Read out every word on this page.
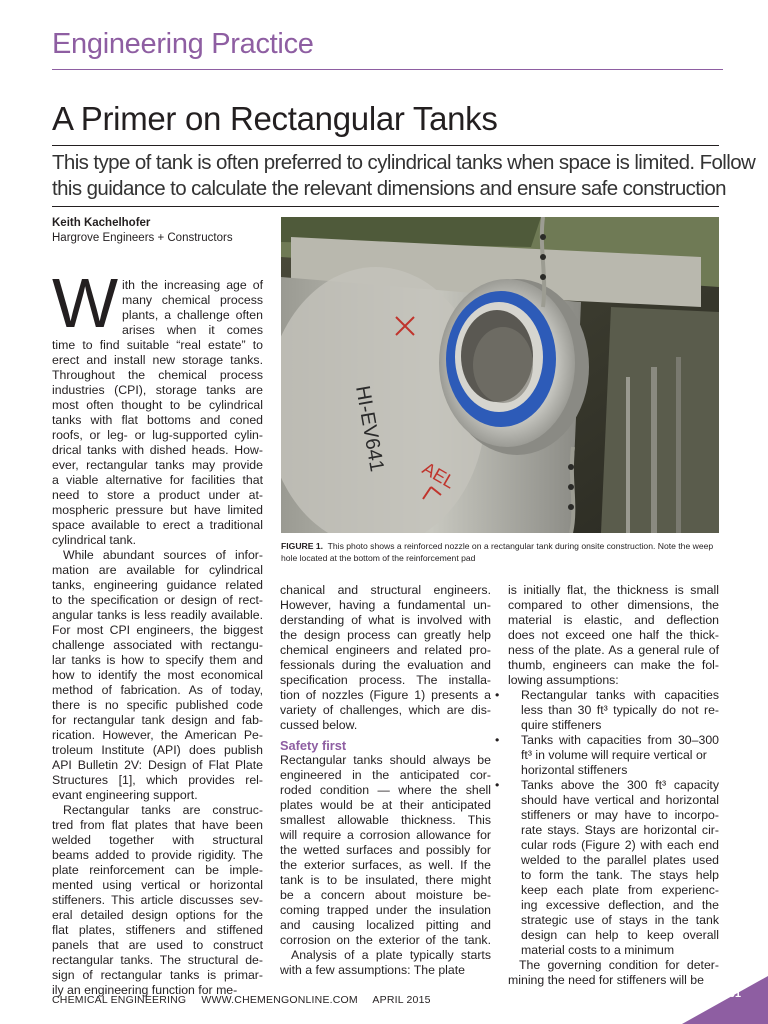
Engineering Practice
A Primer on Rectangular Tanks
This type of tank is often preferred to cylindrical tanks when space is limited. Follow
this guidance to calculate the relevant dimensions and ensure safe construction
Keith Kachelhofer
Hargrove Engineers + Constructors
HI-EV641
AEL
FIGURE 1. This photo shows a reinforced nozzle on a rectangular tank during onsite construction. Note the weep hole located at the bottom of the reinforcement pad
W ith the increasing age of
many chemical process
plants, a challenge often
arises when it comes
time to find suitable “real estate” to
erect and install new storage tanks.
Throughout the chemical process
industries (CPI), storage tanks are
most often thought to be cylindrical
tanks with flat bottoms and coned
roofs, or leg- or lug-supported cylin-
drical tanks with dished heads. How-
ever, rectangular tanks may provide
a viable alternative for facilities that
need to store a product under at-
mospheric pressure but have limited
space available to erect a traditional
cylindrical tank.
While abundant sources of infor-
mation are available for cylindrical
tanks, engineering guidance related
to the specification or design of rect-
angular tanks is less readily available.
For most CPI engineers, the biggest
challenge associated with rectangu-
lar tanks is how to specify them and
how to identify the most economical
method of fabrication. As of today,
there is no specific published code
for rectangular tank design and fab-
rication. However, the American Pe-
troleum Institute (API) does publish
API Bulletin 2V: Design of Flat Plate
Structures [1], which provides rel-
evant engineering support.
Rectangular tanks are construc-
tred from flat plates that have been
welded together with structural
beams added to provide rigidity. The
plate reinforcement can be imple-
mented using vertical or horizontal
stiffeners. This article discusses sev-
eral detailed design options for the
flat plates, stiffeners and stiffened
panels that are used to construct
rectangular tanks. The structural de-
sign of rectangular tanks is primar-
ily an engineering function for me-
chanical and structural engineers.
However, having a fundamental un-
derstanding of what is involved with
the design process can greatly help
chemical engineers and related pro-
fessionals during the evaluation and
specification process. The installa-
tion of nozzles (Figure 1) presents a
variety of challenges, which are dis-
cussed below.
Safety first
Rectangular tanks should always be
engineered in the anticipated cor-
roded condition — where the shell
plates would be at their anticipated
smallest allowable thickness. This
will require a corrosion allowance for
the wetted surfaces and possibly for
the exterior surfaces, as well. If the
tank is to be insulated, there might
be a concern about moisture be-
coming trapped under the insulation
and causing localized pitting and
corrosion on the exterior of the tank.
Analysis of a plate typically starts
with a few assumptions: The plate
is initially flat, the thickness is small
compared to other dimensions, the
material is elastic, and deflection
does not exceed one half the thick-
ness of the plate. As a general rule of
thumb, engineers can make the fol-
lowing assumptions:
• Rectangular tanks with capacities
less than 30 ft³ typically do not re-
quire stiffeners
• Tanks with capacities from 30–300
ft³ in volume will require vertical or
horizontal stiffeners
• Tanks above the 300 ft³ capacity
should have vertical and horizontal
stiffeners or may have to incorpo-
rate stays. Stays are horizontal cir-
cular rods (Figure 2) with each end
welded to the parallel plates used
to form the tank. The stays help
keep each plate from experienc-
ing excessive deflection, and the
strategic use of stays in the tank
design can help to keep overall
material costs to a minimum
The governing condition for deter-
mining the need for stiffeners will be
CHEMICAL ENGINEERING WWW.CHEMENGONLINE.COM APRIL 2015	61
